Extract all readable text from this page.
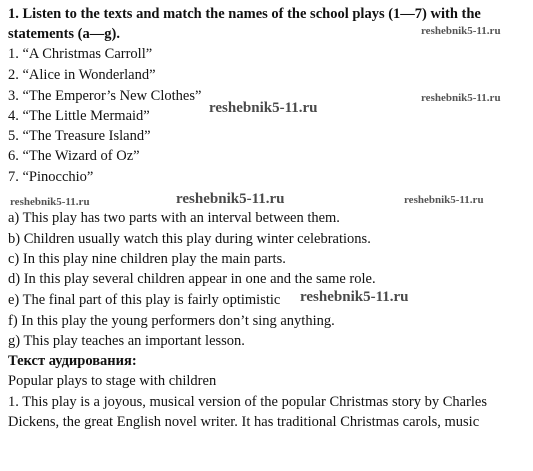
1. Listen to the texts and match the names of the school plays (1—7) with the
statements (a—g).
1. “A Christmas Carroll”
2. “Alice in Wonderland”
3. “The Emperor’s New Clothes”
4. “The Little Mermaid”
5. “The Treasure Island”
6. “The Wizard of Oz”
7. “Pinocchio”
a) This play has two parts with an interval between them.
b) Children usually watch this play during winter celebrations.
c) In this play nine children play the main parts.
d) In this play several children appear in one and the same role.
e) The final part of this play is fairly optimistic
f) In this play the young performers don’t sing anything.
g) This play teaches an important lesson.
Текст аудирования:
Popular plays to stage with children
1. This play is a joyous, musical version of the popular Christmas story by Charles
Dickens, the great English novel writer. It has traditional Christmas carols, music
reshebnik5-11.ru
reshebnik5-11.ru
reshebnik5-11.ru
reshebnik5-11.ru	reshebnik5-11.ru	reshebnik5-11.ru
reshebnik5-11.ru
